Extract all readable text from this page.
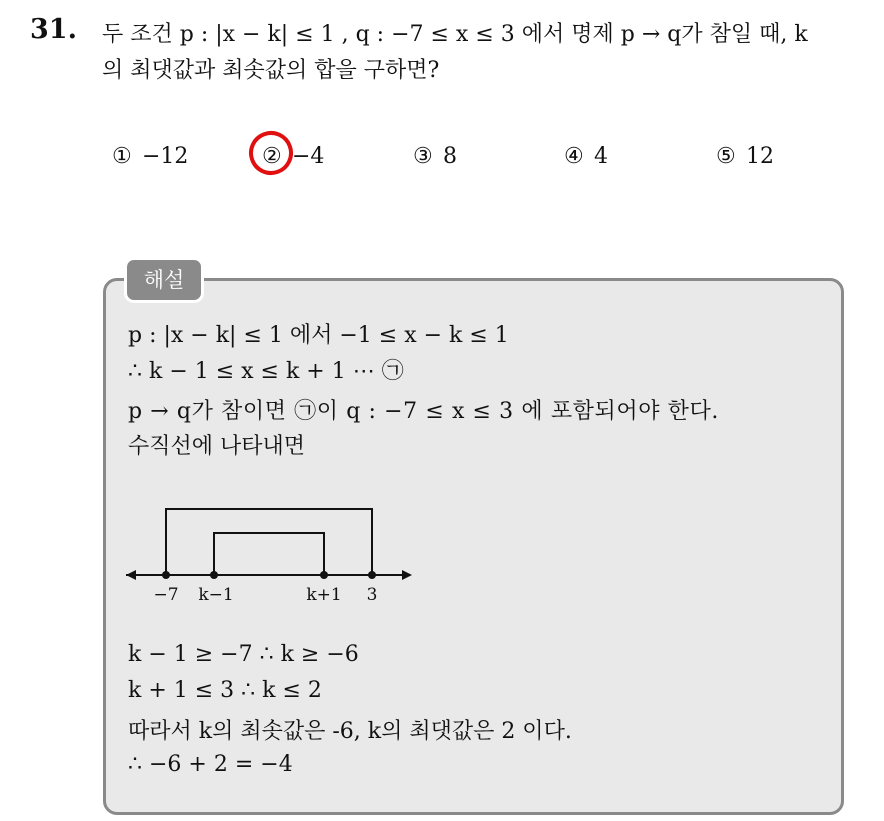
31. 두 조건 p : |x − k| ≤ 1 , q : −7 ≤ x ≤ 3 에서 명제 p → q가 참일 때, k
의 최댓값과 최솟값의 합을 구하면?
① −12	② −4	③ 8	④ 4	⑤ 12
해설
p : |x − k| ≤ 1 에서 −1 ≤ x − k ≤ 1
∴ k − 1 ≤ x ≤ k + 1 ⋯ ㉠
p → q가 참이면 ㉠이 q : −7 ≤ x ≤ 3 에 포함되어야 한다.
수직선에 나타내면
−7 k−1	k+1 3
k − 1 ≥ −7 ∴ k ≥ −6
k + 1 ≤ 3 ∴ k ≤ 2
따라서 k의 최솟값은 -6, k의 최댓값은 2 이다.
∴ −6 + 2 = −4
